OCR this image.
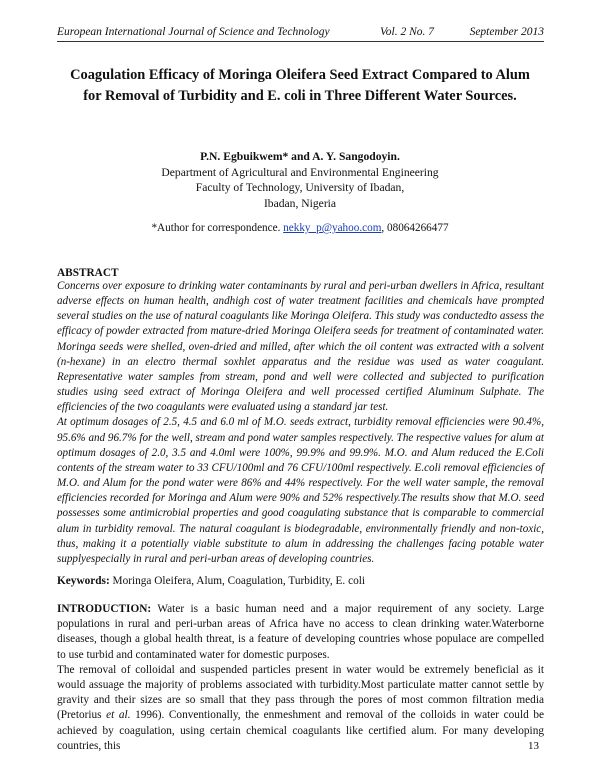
European International Journal of Science and Technology	Vol. 2 No. 7	September 2013
Coagulation Efficacy of Moringa Oleifera Seed Extract Compared to Alum
for Removal of Turbidity and E. coli in Three Different Water Sources.
P.N. Egbuikwem* and A. Y. Sangodoyin.
Department of Agricultural and Environmental Engineering
Faculty of Technology, University of Ibadan,
Ibadan, Nigeria
*Author for correspondence. nekky_p@yahoo.com, 08064266477
ABSTRACT

Concerns over exposure to drinking water contaminants by rural and peri-urban dwellers in Africa, resultant adverse effects on human health, andhigh cost of water treatment facilities and chemicals have prompted several studies on the use of natural coagulants like Moringa Oleifera. This study was conductedto assess the efficacy of powder extracted from mature-dried Moringa Oleifera seeds for treatment of contaminated water. Moringa seeds were shelled, oven-dried and milled, after which the oil content was extracted with a solvent (n-hexane) in an electro thermal soxhlet apparatus and the residue was used as water coagulant. Representative water samples from stream, pond and well were collected and subjected to purification studies using seed extract of Moringa Oleifera and well processed certified Aluminum Sulphate. The efficiencies of the two coagulants were evaluated using a standard jar test.

At optimum dosages of 2.5, 4.5 and 6.0 ml of M.O. seeds extract, turbidity removal efficiencies were 90.4%, 95.6% and 96.7% for the well, stream and pond water samples respectively. The respective values for alum at optimum dosages of 2.0, 3.5 and 4.0ml were 100%, 99.9% and 99.9%. M.O. and Alum reduced the E.Coli contents of the stream water to 33 CFU/100ml and 76 CFU/100ml respectively. E.coli removal efficiencies of M.O. and Alum for the pond water were 86% and 44% respectively. For the well water sample, the removal efficiencies recorded for Moringa and Alum were 90% and 52% respectively.The results show that M.O. seed possesses some antimicrobial properties and good coagulating substance that is comparable to commercial alum in turbidity removal. The natural coagulant is biodegradable, environmentally friendly and non-toxic, thus, making it a potentially viable substitute to alum in addressing the challenges facing potable water supplyespecially in rural and peri-urban areas of developing countries.

Keywords: Moringa Oleifera, Alum, Coagulation, Turbidity, E. coli

INTRODUCTION: Water is a basic human need and a major requirement of any society. Large populations in rural and peri-urban areas of Africa have no access to clean drinking water.Waterborne diseases, though a global health threat, is a feature of developing countries whose populace are compelled to use turbid and contaminated water for domestic purposes.

The removal of colloidal and suspended particles present in water would be extremely beneficial as it would assuage the majority of problems associated with turbidity.Most particulate matter cannot settle by gravity and their sizes are so small that they pass through the pores of most common filtration media (Pretorius et al. 1996). Conventionally, the enmeshment and removal of the colloids in water could be achieved by coagulation, using certain chemical coagulants like certified alum. For many developing countries, this	13
